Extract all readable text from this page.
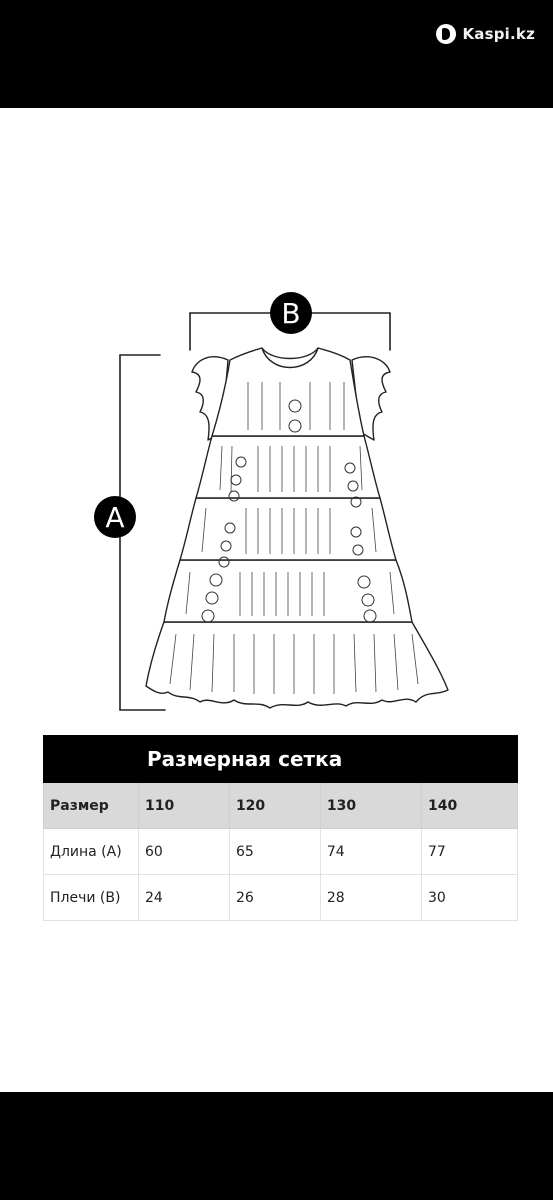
Kaspi.kz
B
A
	Размерная сетка			
Размер	110	120	130	140
Длина (А)	60	65	74	77
Плечи (В)	24	26	28	30
